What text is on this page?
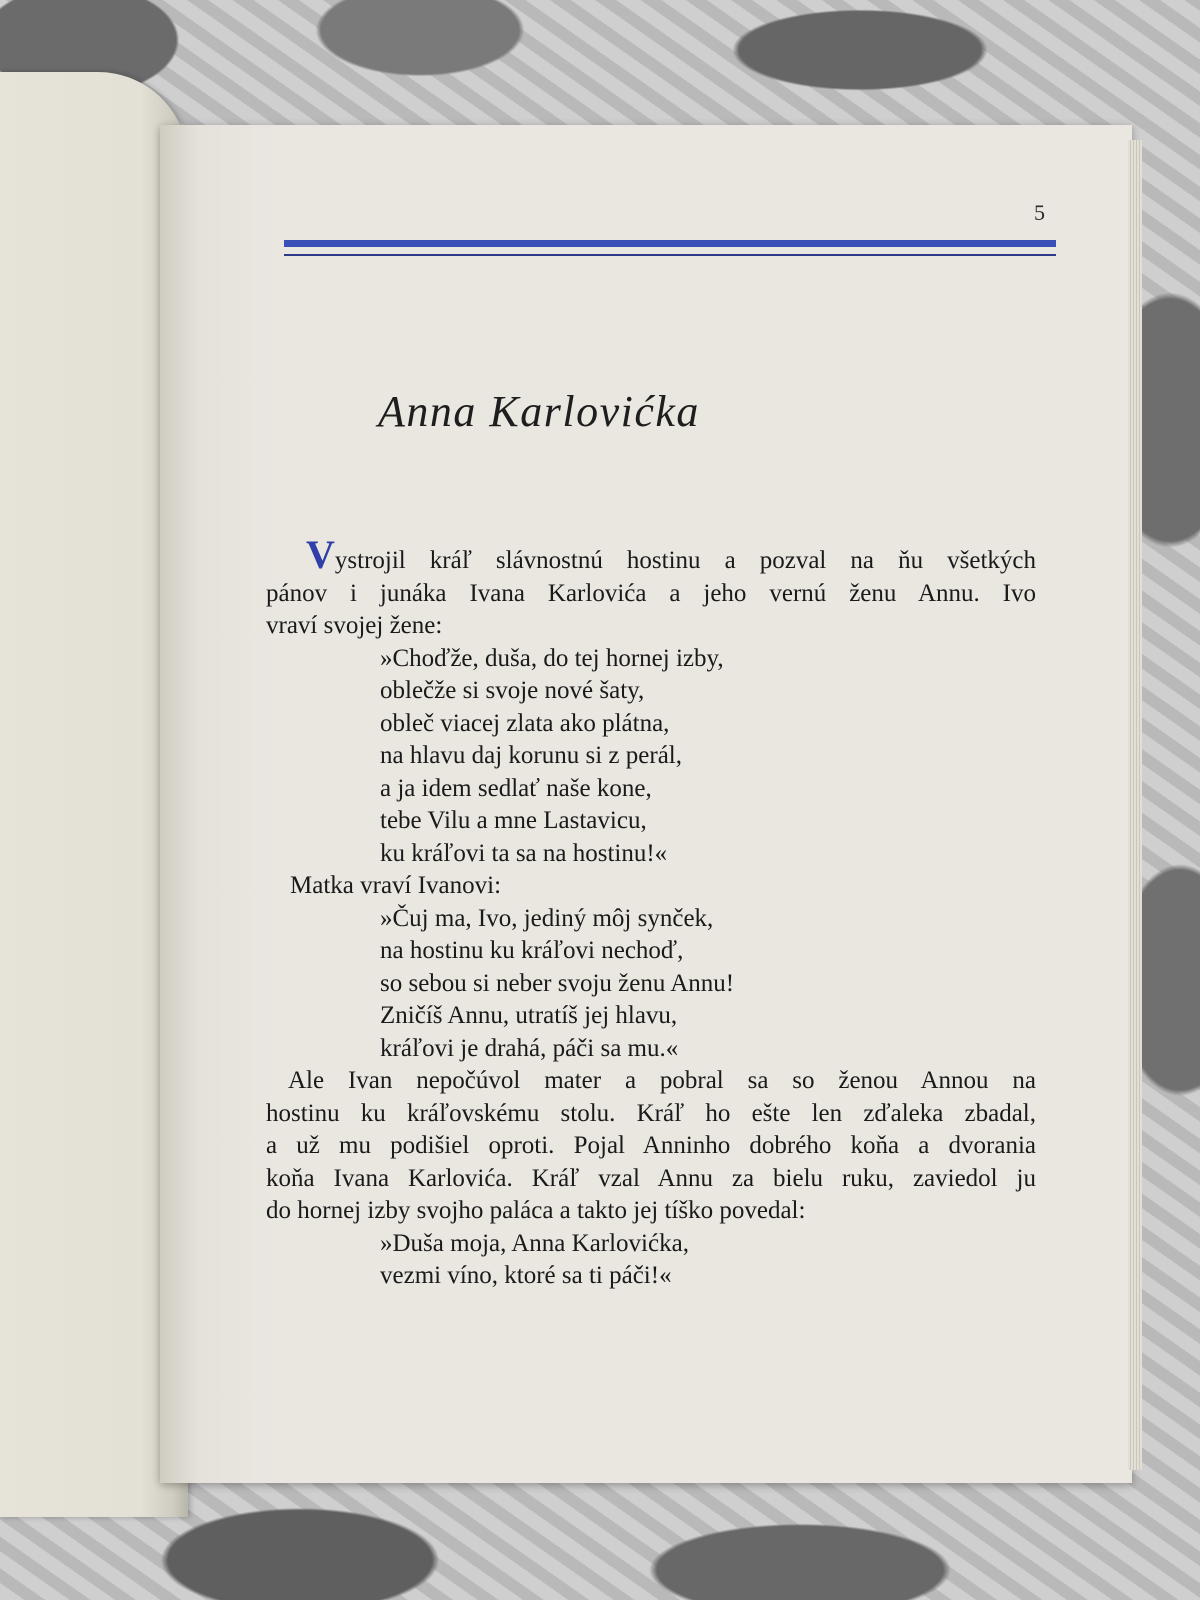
5
Anna Karlovićka
V ystrojil kráľ slávnostnú hostinu a pozval na ňu všetkých
pánov i junáka Ivana Karlovića a jeho vernú ženu Annu. Ivo
vraví svojej žene:
»Choďže, duša, do tej hornej izby,
oblečže si svoje nové šaty,
obleč viacej zlata ako plátna,
na hlavu daj korunu si z perál,
a ja idem sedlať naše kone,
tebe Vilu a mne Lastavicu,
ku kráľovi ta sa na hostinu!«
Matka vraví Ivanovi:
»Čuj ma, Ivo, jediný môj synček,
na hostinu ku kráľovi nechoď,
so sebou si neber svoju ženu Annu!
Zničíš Annu, utratíš jej hlavu,
kráľovi je drahá, páči sa mu.«
Ale Ivan nepočúvol mater a pobral sa so ženou Annou na
hostinu ku kráľovskému stolu. Kráľ ho ešte len zďaleka zbadal,
a už mu podišiel oproti. Pojal Anninho dobrého koňa a dvorania
koňa Ivana Karlovića. Kráľ vzal Annu za bielu ruku, zaviedol ju
do hornej izby svojho paláca a takto jej tíško povedal:
»Duša moja, Anna Karlovićka,
vezmi víno, ktoré sa ti páči!«
